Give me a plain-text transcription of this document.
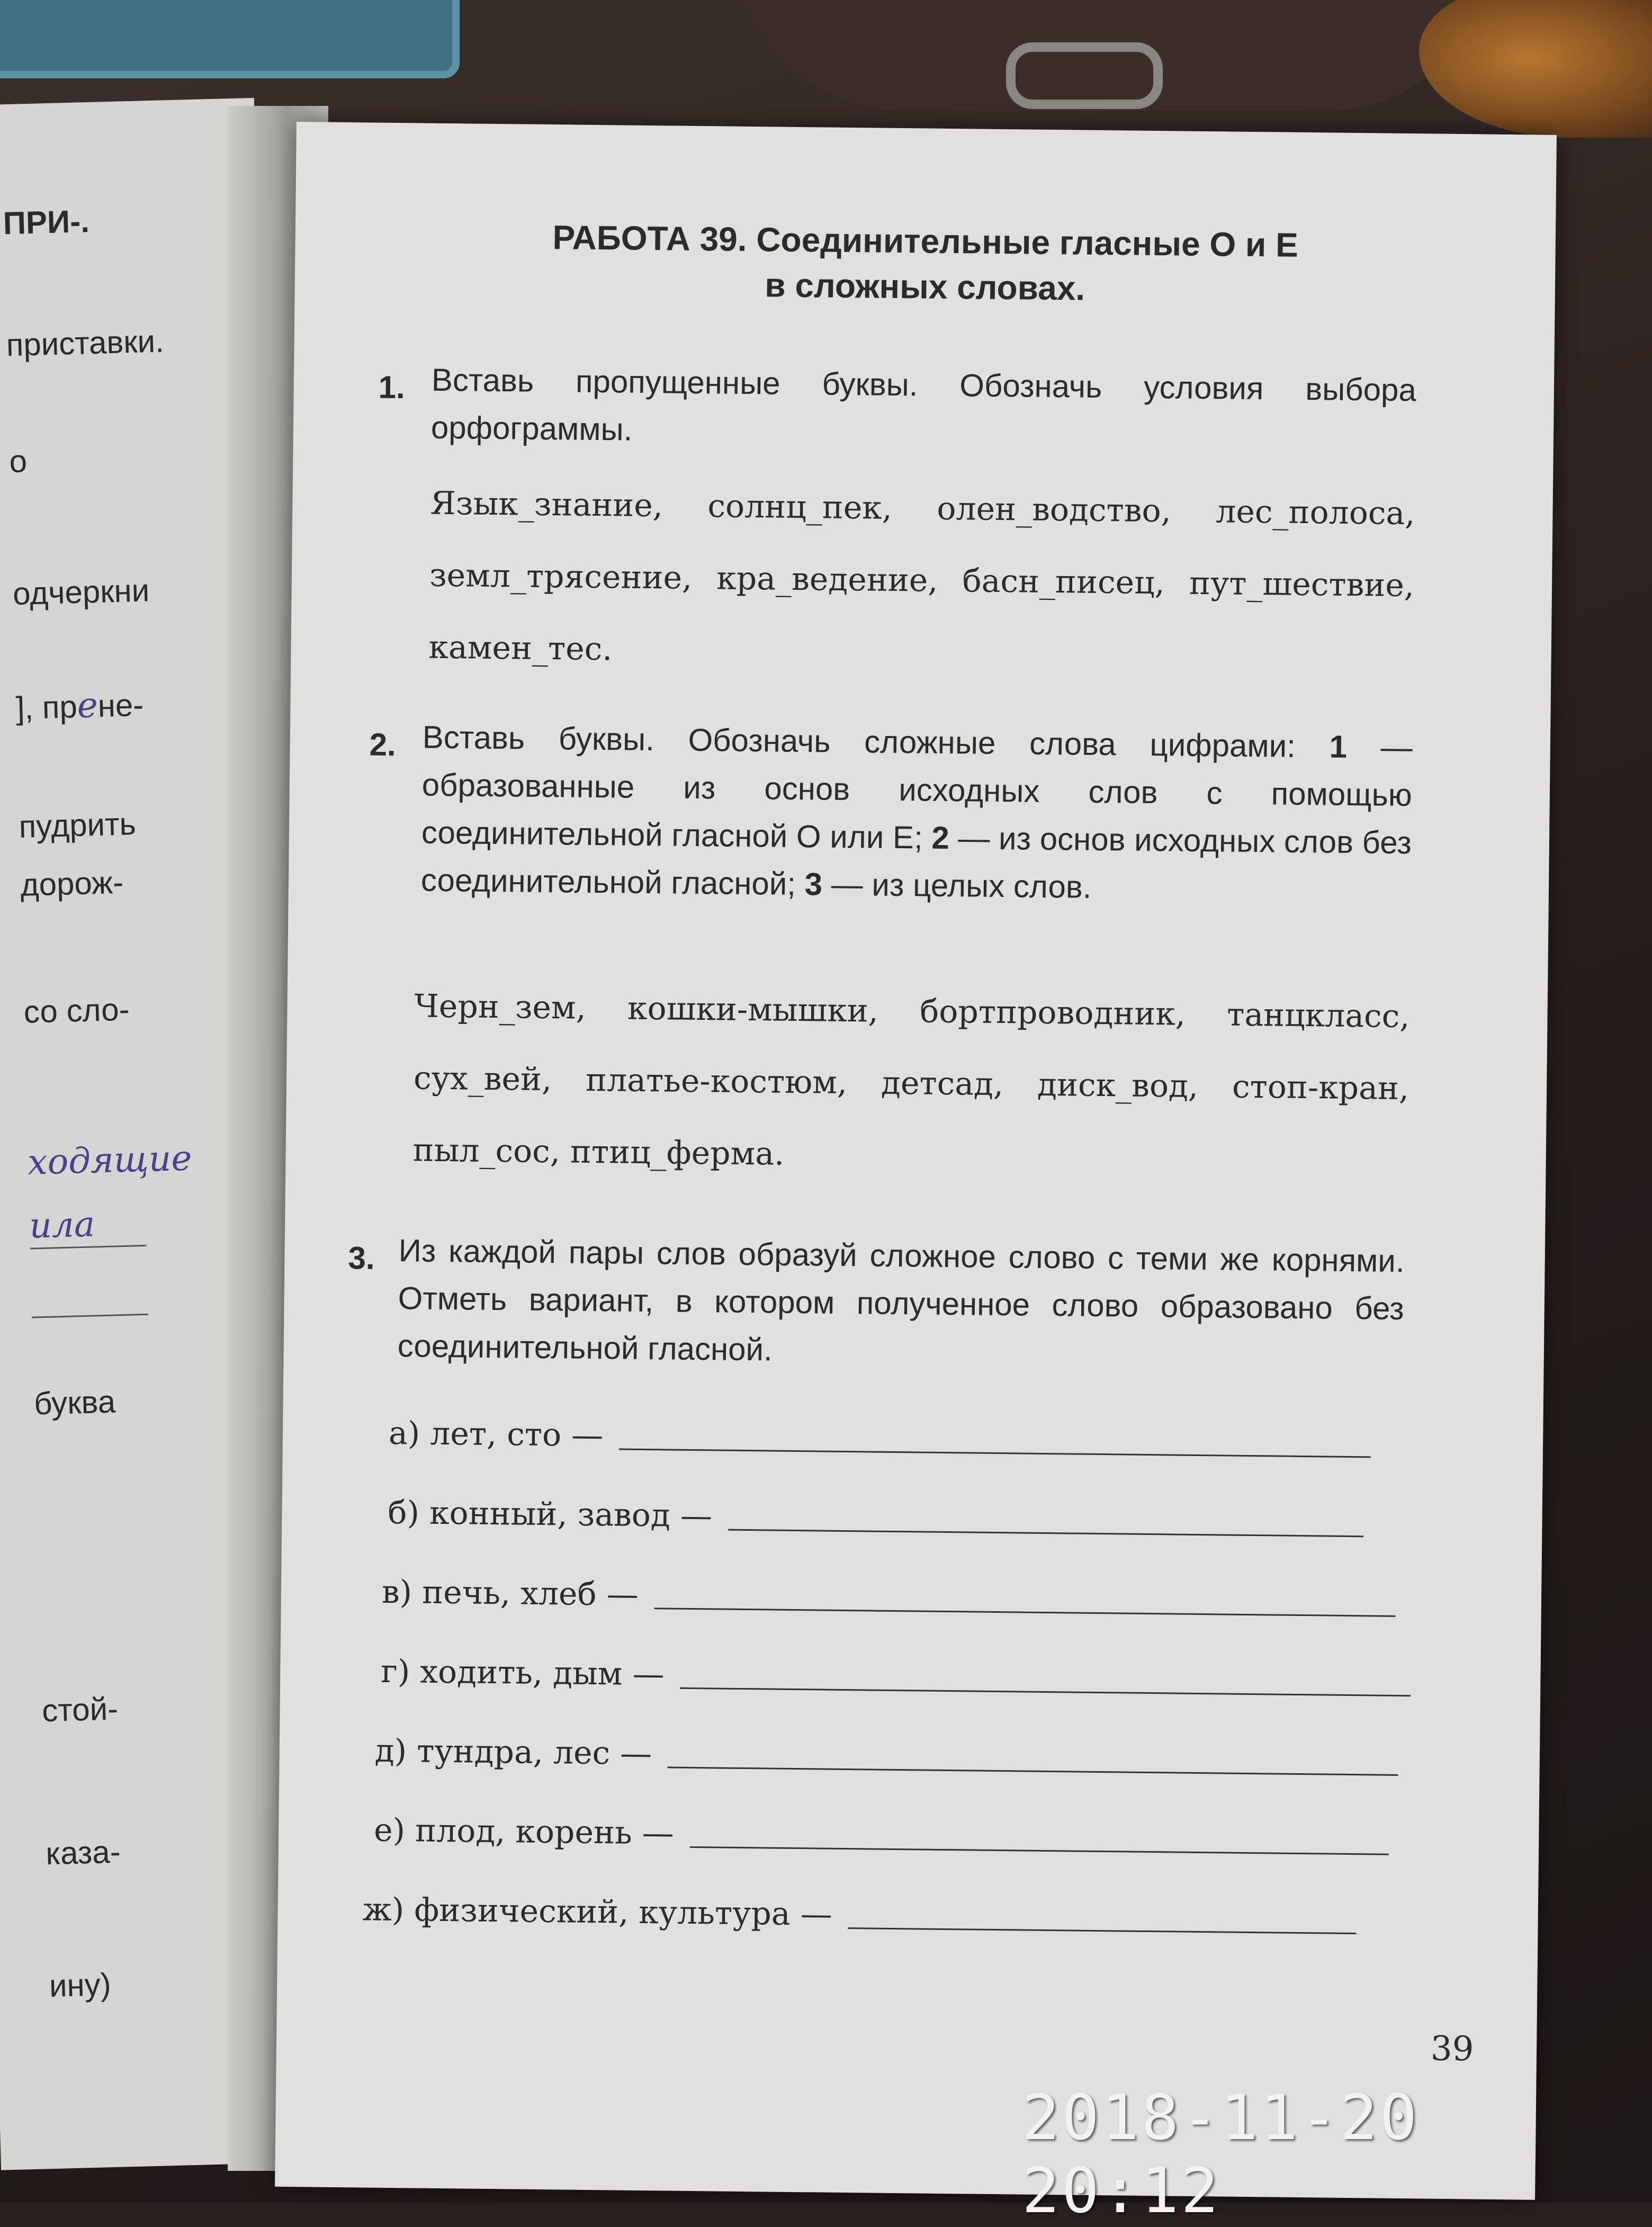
ПРИ-.
приставки.
о
одчеркни
], прене-
пудрить
дорож-
со сло-
ходящие
ила
буква
стой-
каза-
ину)
РАБОТА 39. Соединительные гласные О и Е
в сложных словах.
1. Вставь пропущенные буквы. Обозначь условия выбора орфограммы.
Язык_знание, солнц_пек, олен_водство, лес_полоса, земл_трясение, кра_ведение, басн_писец, пут_шествие, камен_тес.
2. Вставь буквы. Обозначь сложные слова цифрами: 1 — образованные из основ исходных слов с помощью соединительной гласной О или Е; 2 — из основ исходных слов без соединительной гласной; 3 — из целых слов.
Черн_зем, кошки-мышки, бортпроводник, танцкласс, сух_вей, платье-костюм, детсад, диск_вод, стоп-кран, пыл_сос, птиц_ферма.
3. Из каждой пары слов образуй сложное слово с теми же корнями. Отметь вариант, в котором полученное слово образовано без соединительной гласной.
а) лет, сто —
б) конный, завод —
в) печь, хлеб —
г) ходить, дым —
д) тундра, лес —
е) плод, корень —
ж) физический, культура —
39
2018-11-20 20:12
